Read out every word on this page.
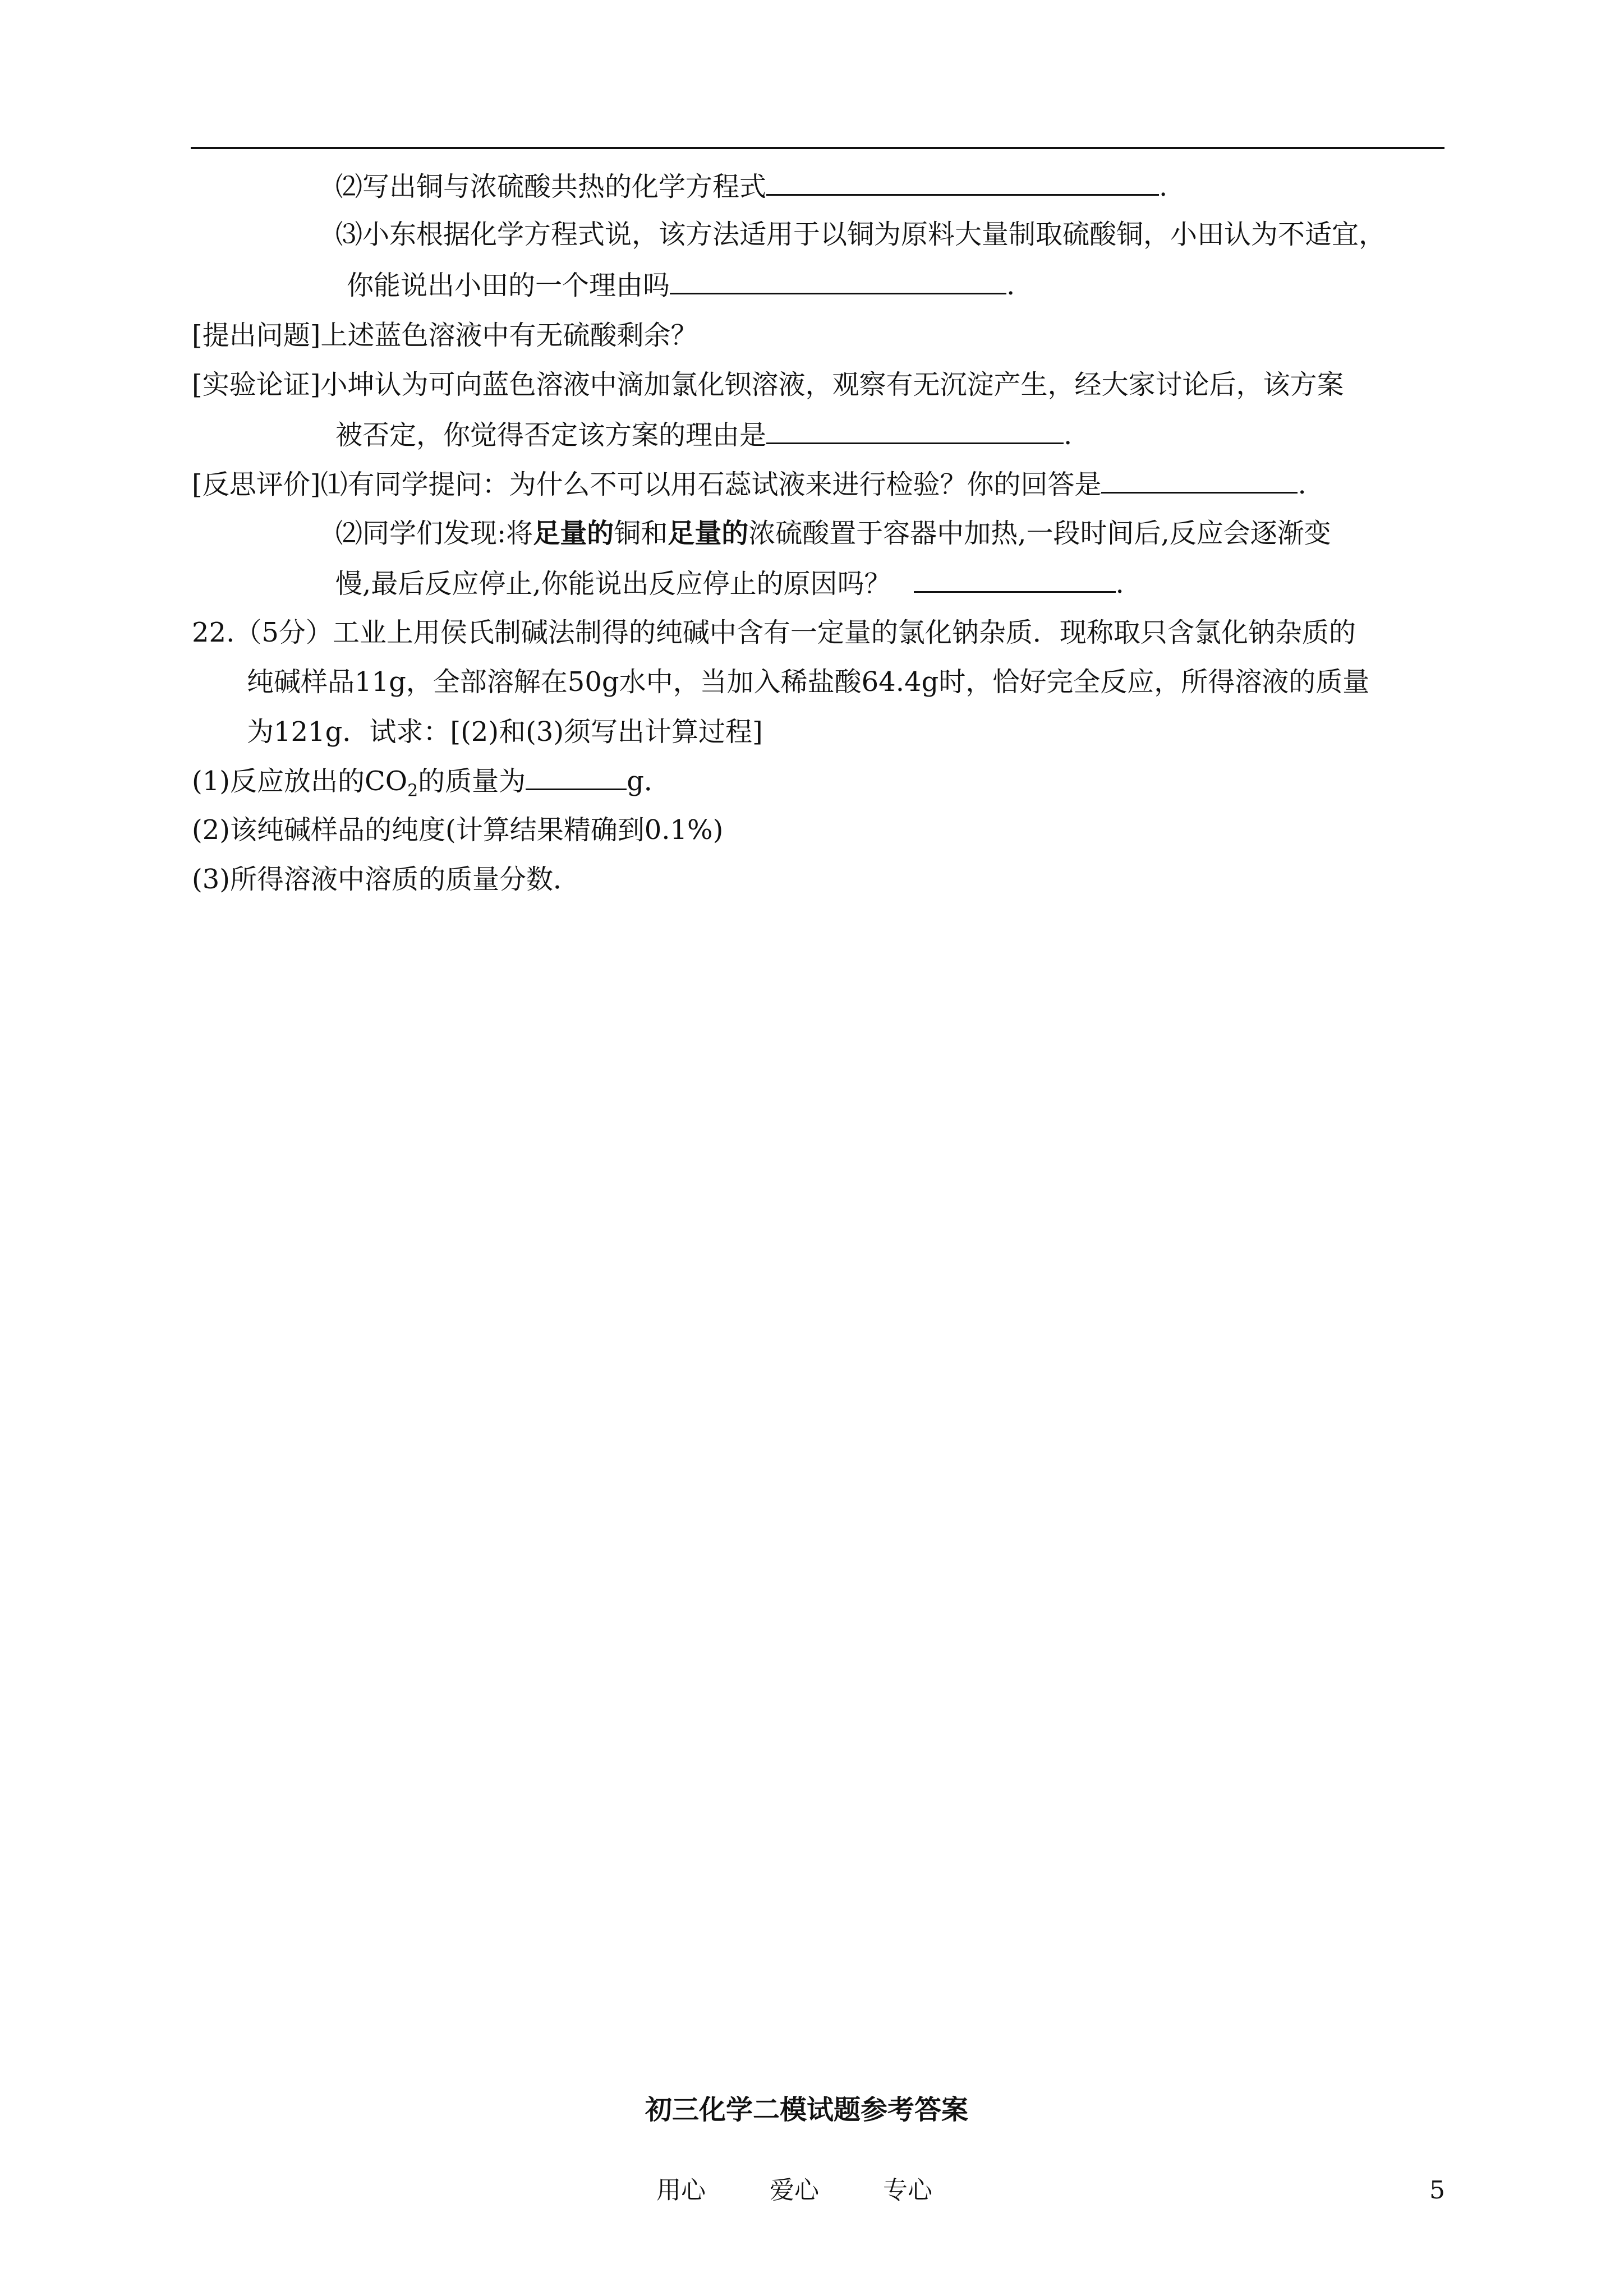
⑵写出铜与浓硫酸共热的化学方程式	.
⑶小东根据化学方程式说，该方法适用于以铜为原料大量制取硫酸铜，小田认为不适宜，
你能说出小田的一个理由吗	.
[提出问题]上述蓝色溶液中有无硫酸剩余？
[实验论证]小坤认为可向蓝色溶液中滴加氯化钡溶液，观察有无沉淀产生，经大家讨论后，该方案
被否定，你觉得否定该方案的理由是	.
[反思评价]⑴有同学提问：为什么不可以用石蕊试液来进行检验？你的回答是	.
⑵同学们发现:将足量的铜和足量的浓硫酸置于容器中加热,一段时间后,反应会逐渐变
慢,最后反应停止,你能说出反应停止的原因吗？	.
22.（5分）工业上用侯氏制碱法制得的纯碱中含有一定量的氯化钠杂质．现称取只含氯化钠杂质的
纯碱样品11g，全部溶解在50g水中，当加入稀盐酸64.4g时，恰好完全反应，所得溶液的质量
为121g．试求：[(2)和(3)须写出计算过程]
(1)反应放出的$CO_2$的质量为	g．
(2)该纯碱样品的纯度(计算结果精确到0.1%)
(3)所得溶液中溶质的质量分数．
初三化学二模试题参考答案
用心	爱心	专心	5
